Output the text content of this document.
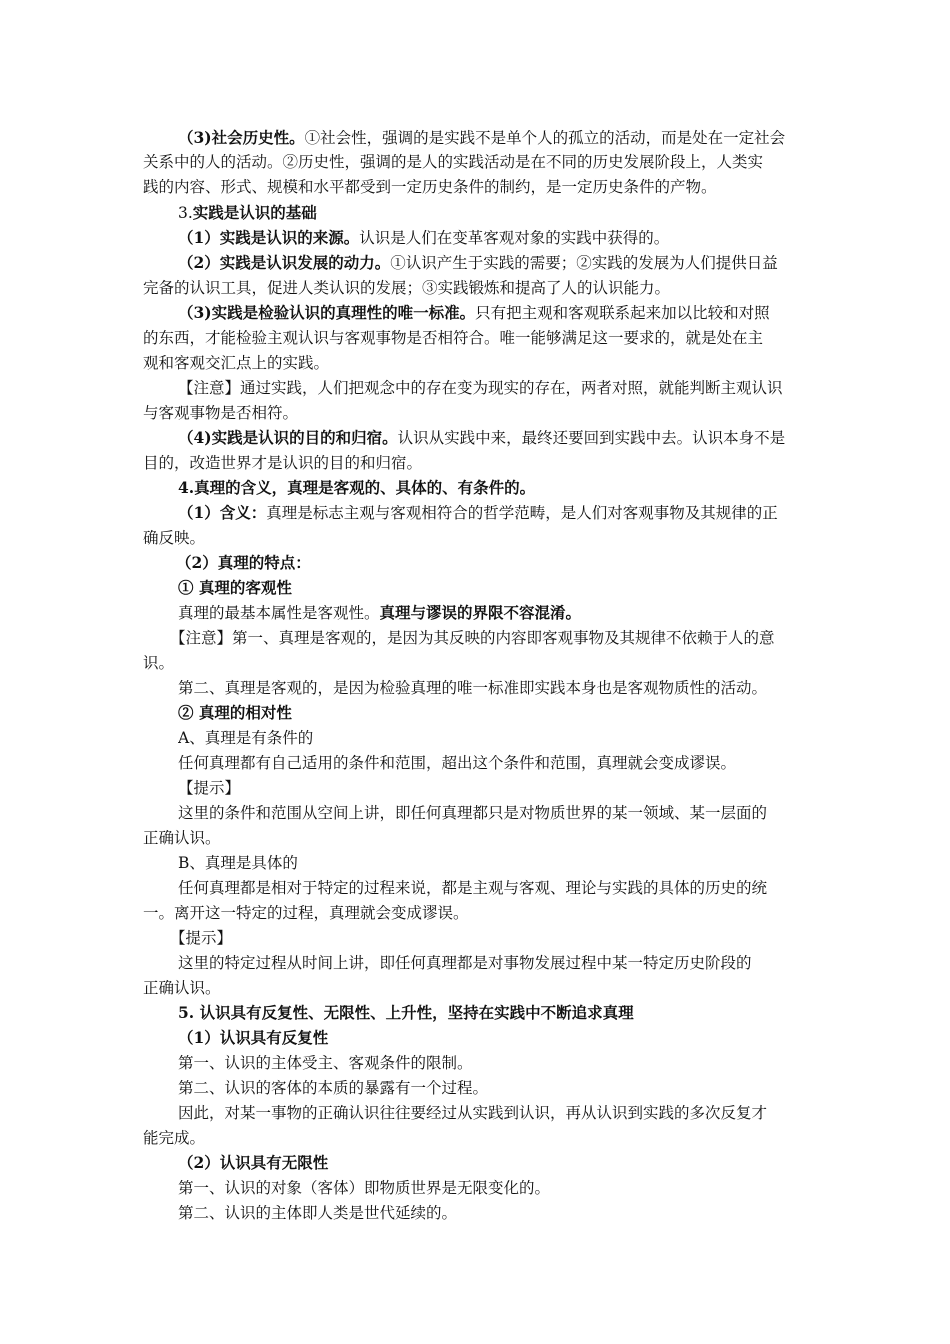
（3)社会历史性。①社会性，强调的是实践不是单个人的孤立的活动，而是处在一定社会
关系中的人的活动。②历史性，强调的是人的实践活动是在不同的历史发展阶段上，人类实
践的内容、形式、规模和水平都受到一定历史条件的制约，是一定历史条件的产物。
3.实践是认识的基础
（1）实践是认识的来源。认识是人们在变革客观对象的实践中获得的。
（2）实践是认识发展的动力。①认识产生于实践的需要；②实践的发展为人们提供日益
完备的认识工具，促进人类认识的发展；③实践锻炼和提高了人的认识能力。
（3)实践是检验认识的真理性的唯一标准。只有把主观和客观联系起来加以比较和对照
的东西，才能检验主观认识与客观事物是否相符合。唯一能够满足这一要求的，就是处在主
观和客观交汇点上的实践。
【注意】通过实践，人们把观念中的存在变为现实的存在，两者对照，就能判断主观认识
与客观事物是否相符。
（4)实践是认识的目的和归宿。认识从实践中来，最终还要回到实践中去。认识本身不是
目的，改造世界才是认识的目的和归宿。
4.真理的含义，真理是客观的、具体的、有条件的。
（1）含义：真理是标志主观与客观相符合的哲学范畴，是人们对客观事物及其规律的正
确反映。
（2）真理的特点：
① 真理的客观性
真理的最基本属性是客观性。真理与谬误的界限不容混淆。
【注意】第一、真理是客观的，是因为其反映的内容即客观事物及其规律不依赖于人的意
识。
第二、真理是客观的，是因为检验真理的唯一标准即实践本身也是客观物质性的活动。
② 真理的相对性
A、真理是有条件的
任何真理都有自己适用的条件和范围，超出这个条件和范围，真理就会变成谬误。
【提示】
这里的条件和范围从空间上讲，即任何真理都只是对物质世界的某一领域、某一层面的
正确认识。
B、真理是具体的
任何真理都是相对于特定的过程来说，都是主观与客观、理论与实践的具体的历史的统
一。离开这一特定的过程，真理就会变成谬误。
【提示】
这里的特定过程从时间上讲，即任何真理都是对事物发展过程中某一特定历史阶段的
正确认识。
5. 认识具有反复性、无限性、上升性，坚持在实践中不断追求真理
（1）认识具有反复性
第一、认识的主体受主、客观条件的限制。
第二、认识的客体的本质的暴露有一个过程。
因此，对某一事物的正确认识往往要经过从实践到认识，再从认识到实践的多次反复才
能完成。
（2）认识具有无限性
第一、认识的对象（客体）即物质世界是无限变化的。
第二、认识的主体即人类是世代延续的。
